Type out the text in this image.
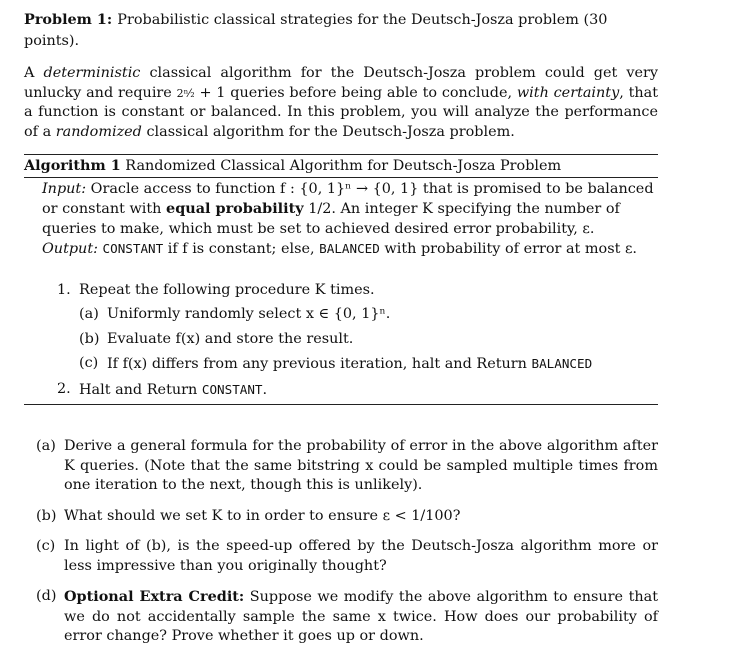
Problem 1: Probabilistic classical strategies for the Deutsch-Josza problem (30 points).

A deterministic classical algorithm for the Deutsch-Josza problem could get very unlucky and require 2ⁿ⁄₂ + 1 queries before being able to conclude, with certainty, that a function is constant or balanced. In this problem, you will analyze the performance of a randomized classical algorithm for the Deutsch-Josza problem.

Algorithm 1 Randomized Classical Algorithm for Deutsch-Josza Problem
Input: Oracle access to function f : {0, 1}ⁿ → {0, 1} that is promised to be balanced or constant with equal probability 1/2. An integer K specifying the number of queries to make, which must be set to achieved desired error probability, ε.
Output: CONSTANT if f is constant; else, BALANCED with probability of error at most ε.
1. Repeat the following procedure K times.
(a) Uniformly randomly select x ∈ {0, 1}ⁿ.
(b) Evaluate f(x) and store the result.
(c) If f(x) differs from any previous iteration, halt and Return BALANCED
2. Halt and Return CONSTANT.
(a) Derive a general formula for the probability of error in the above algorithm after K queries. (Note that the same bitstring x could be sampled multiple times from one iteration to the next, though this is unlikely).
(b) What should we set K to in order to ensure ε < 1/100?
(c) In light of (b), is the speed-up offered by the Deutsch-Josza algorithm more or less impressive than you originally thought?
(d) Optional Extra Credit: Suppose we modify the above algorithm to ensure that we do not accidentally sample the same x twice. How does our probability of error change? Prove whether it goes up or down.
